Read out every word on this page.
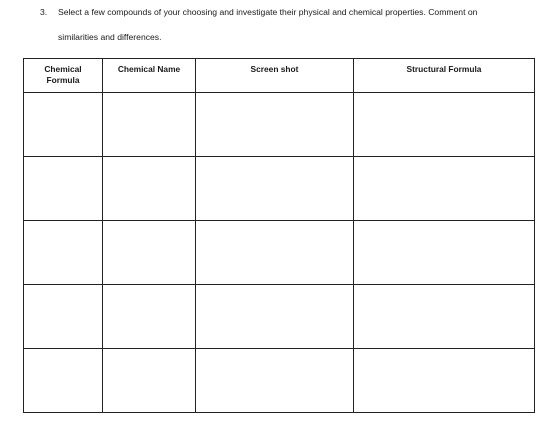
3. Select a few compounds of your choosing and investigate their physical and chemical properties. Comment on
similarities and differences.
Chemical
Formula	Chemical Name	Screen shot	Structural Formula
